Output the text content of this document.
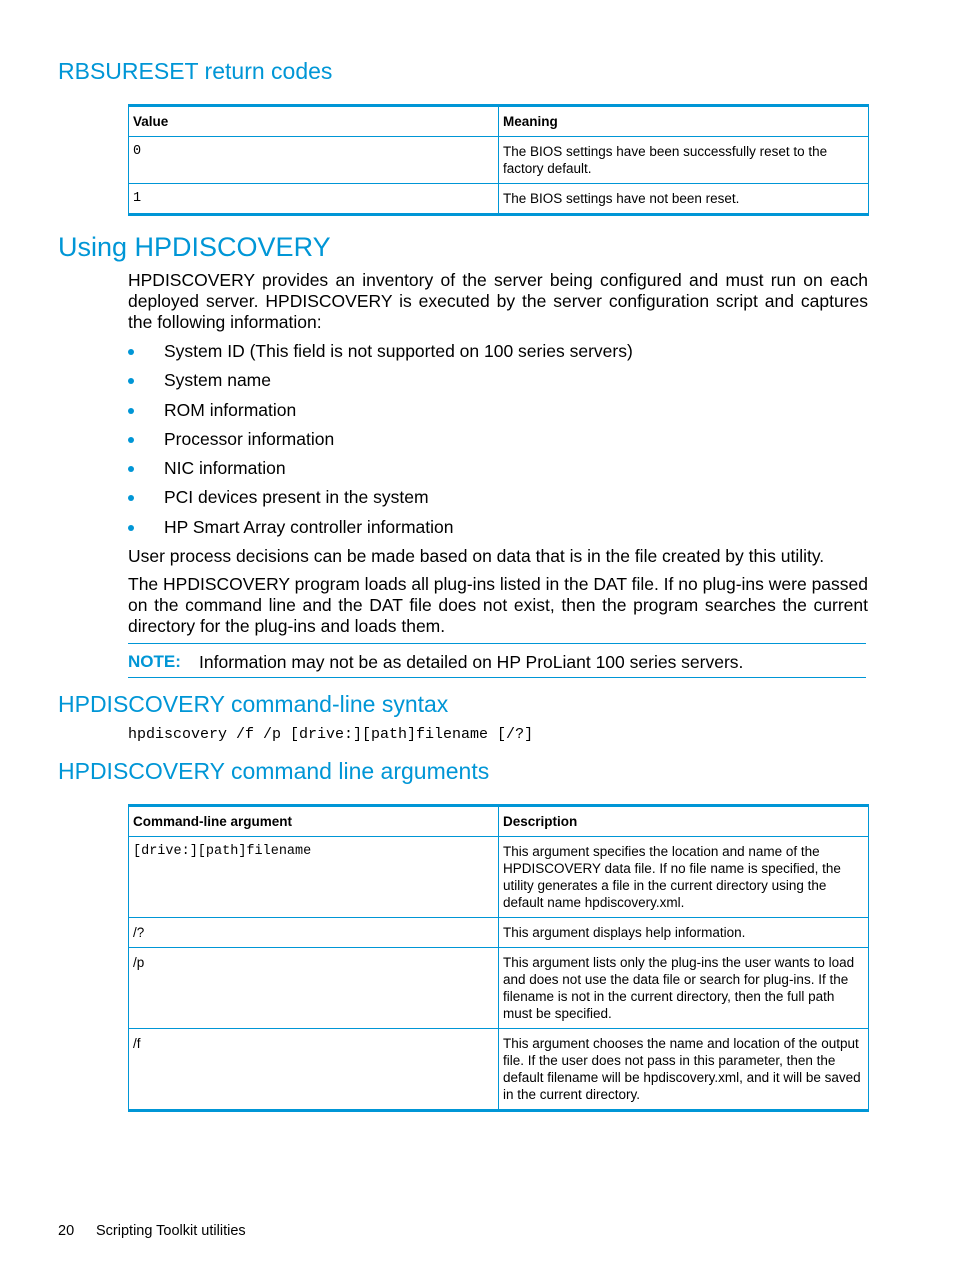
RBSURESET return codes
Value	Meaning
0	The BIOS settings have been successfully reset to the factory default.
1	The BIOS settings have not been reset.
Using HPDISCOVERY

HPDISCOVERY provides an inventory of the server being configured and must run on each deployed server. HPDISCOVERY is executed by the server configuration script and captures the following information:

System ID (This field is not supported on 100 series servers)
System name
ROM information
Processor information
NIC information
PCI devices present in the system
HP Smart Array controller information

User process decisions can be made based on data that is in the file created by this utility.

The HPDISCOVERY program loads all plug-ins listed in the DAT file. If no plug-ins were passed on the command line and the DAT file does not exist, then the program searches the current directory for the plug-ins and loads them.

NOTE: Information may not be as detailed on HP ProLiant 100 series servers.
HPDISCOVERY command-line syntax
hpdiscovery /f /p [drive:][path]filename [/?]
HPDISCOVERY command line arguments
Command-line argument	Description
[drive:][path]filename	This argument specifies the location and name of the HPDISCOVERY data file. If no file name is specified, the utility generates a file in the current directory using the default name hpdiscovery.xml.
/?	This argument displays help information.
/p	This argument lists only the plug-ins the user wants to load and does not use the data file or search for plug-ins. If the filename is not in the current directory, then the full path must be specified.
/f	This argument chooses the name and location of the output file. If the user does not pass in this parameter, then the default filename will be hpdiscovery.xml, and it will be saved in the current directory.
20 Scripting Toolkit utilities
